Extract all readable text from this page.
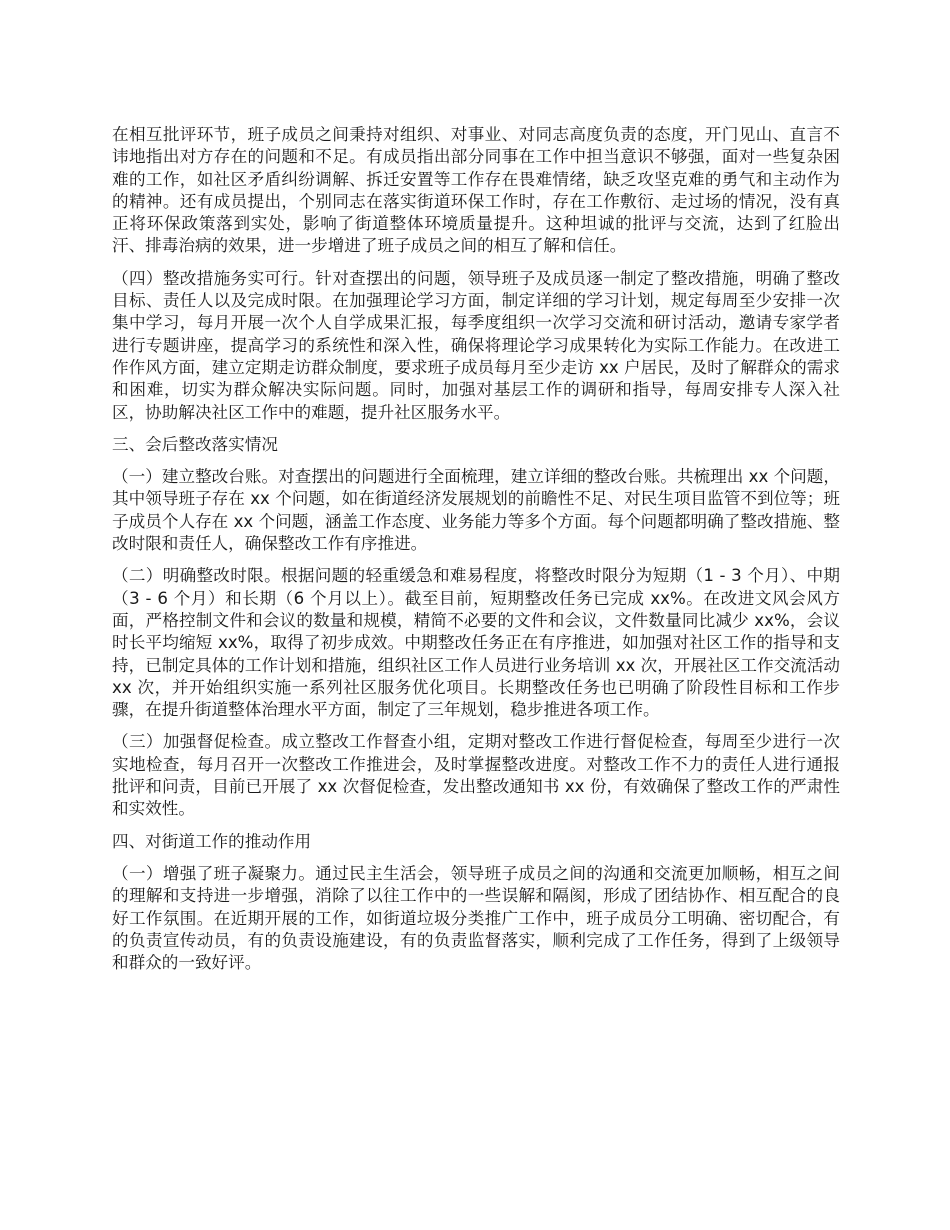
在相互批评环节，班子成员之间秉持对组织、对事业、对同志高度负责的态度，开门见山、直言不讳地指出对方存在的问题和不足。有成员指出部分同事在工作中担当意识不够强，面对一些复杂困难的工作，如社区矛盾纠纷调解、拆迁安置等工作存在畏难情绪，缺乏攻坚克难的勇气和主动作为的精神。还有成员提出，个别同志在落实街道环保工作时，存在工作敷衍、走过场的情况，没有真正将环保政策落到实处，影响了街道整体环境质量提升。这种坦诚的批评与交流，达到了红脸出汗、排毒治病的效果，进一步增进了班子成员之间的相互了解和信任。

（四）整改措施务实可行。针对查摆出的问题，领导班子及成员逐一制定了整改措施，明确了整改目标、责任人以及完成时限。在加强理论学习方面，制定详细的学习计划，规定每周至少安排一次集中学习，每月开展一次个人自学成果汇报，每季度组织一次学习交流和研讨活动，邀请专家学者进行专题讲座，提高学习的系统性和深入性，确保将理论学习成果转化为实际工作能力。在改进工作作风方面，建立定期走访群众制度，要求班子成员每月至少走访 xx 户居民，及时了解群众的需求和困难，切实为群众解决实际问题。同时，加强对基层工作的调研和指导，每周安排专人深入社区，协助解决社区工作中的难题，提升社区服务水平。

三、会后整改落实情况

（一）建立整改台账。对查摆出的问题进行全面梳理，建立详细的整改台账。共梳理出 xx 个问题，其中领导班子存在 xx 个问题，如在街道经济发展规划的前瞻性不足、对民生项目监管不到位等；班子成员个人存在 xx 个问题，涵盖工作态度、业务能力等多个方面。每个问题都明确了整改措施、整改时限和责任人，确保整改工作有序推进。

（二）明确整改时限。根据问题的轻重缓急和难易程度，将整改时限分为短期（1 - 3 个月）、中期（3 - 6 个月）和长期（6 个月以上）。截至目前，短期整改任务已完成 xx%。在改进文风会风方面，严格控制文件和会议的数量和规模，精简不必要的文件和会议，文件数量同比减少 xx%，会议时长平均缩短 xx%，取得了初步成效。中期整改任务正在有序推进，如加强对社区工作的指导和支持，已制定具体的工作计划和措施，组织社区工作人员进行业务培训 xx 次，开展社区工作交流活动 xx 次，并开始组织实施一系列社区服务优化项目。长期整改任务也已明确了阶段性目标和工作步骤，在提升街道整体治理水平方面，制定了三年规划，稳步推进各项工作。

（三）加强督促检查。成立整改工作督查小组，定期对整改工作进行督促检查，每周至少进行一次实地检查，每月召开一次整改工作推进会，及时掌握整改进度。对整改工作不力的责任人进行通报批评和问责，目前已开展了 xx 次督促检查，发出整改通知书 xx 份，有效确保了整改工作的严肃性和实效性。

四、对街道工作的推动作用

（一）增强了班子凝聚力。通过民主生活会，领导班子成员之间的沟通和交流更加顺畅，相互之间的理解和支持进一步增强，消除了以往工作中的一些误解和隔阂，形成了团结协作、相互配合的良好工作氛围。在近期开展的工作，如街道垃圾分类推广工作中，班子成员分工明确、密切配合，有的负责宣传动员，有的负责设施建设，有的负责监督落实，顺利完成了工作任务，得到了上级领导和群众的一致好评。
